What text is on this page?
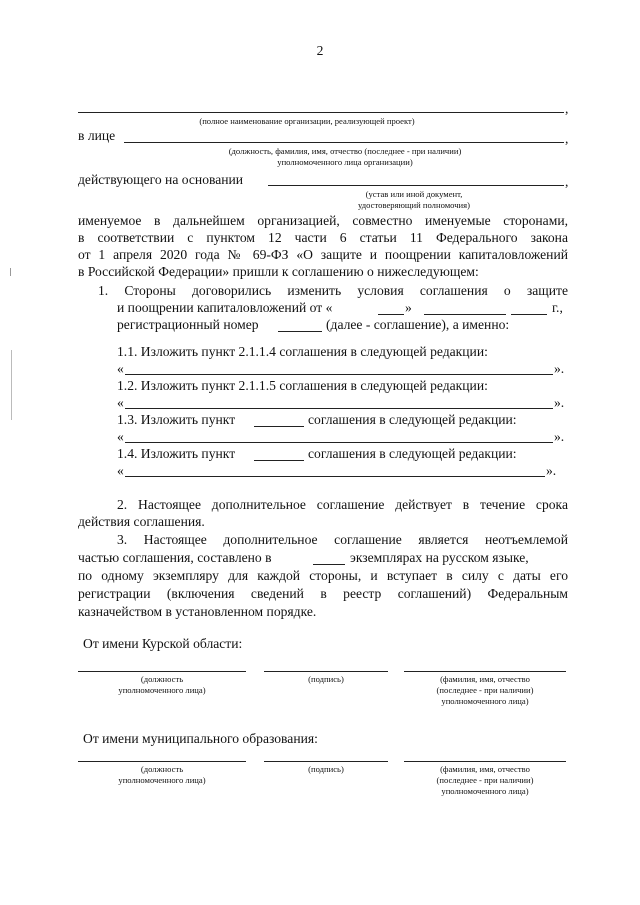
2
,
(полное наименование организации, реализующей проект)
в лице	,
(должность, фамилия, имя, отчество (последнее - при наличии)
уполномоченного лица организации)
действующего на основании	,
(устав или иной документ,
удостоверяющий полномочия)
именуемое в дальнейшем организацией, совместно именуемые сторонами,
в соответствии с пунктом 12 части 6 статьи 11 Федерального закона
от 1 апреля 2020 года № 69-ФЗ «О защите и поощрении капиталовложений
в Российской Федерации» пришли к соглашению о нижеследующем:
1. Стороны договорились изменить условия соглашения о защите
и поощрении капиталовложений от «	»	г.,
регистрационный номер	(далее - соглашение), а именно:
1.1. Изложить пункт 2.1.1.4 соглашения в следующей редакции:
«	».
1.2. Изложить пункт 2.1.1.5 соглашения в следующей редакции:
«	».
1.3. Изложить пункт	соглашения в следующей редакции:
«	».
1.4. Изложить пункт	соглашения в следующей редакции:
«	».
2. Настоящее дополнительное соглашение действует в течение срока
действия соглашения.
3. Настоящее дополнительное соглашение является неотъемлемой
частью соглашения, составлено в	экземплярах на русском языке,
по одному экземпляру для каждой стороны, и вступает в силу с даты его
регистрации (включения сведений в реестр соглашений) Федеральным
казначейством в установленном порядке.
От имени Курской области:
(должность
уполномоченного лица)
(подпись)	(фамилия, имя, отчество
(последнее - при наличии)
уполномоченного лица)
От имени муниципального образования:
(должность
уполномоченного лица)
(подпись)	(фамилия, имя, отчество
(последнее - при наличии)
уполномоченного лица)
